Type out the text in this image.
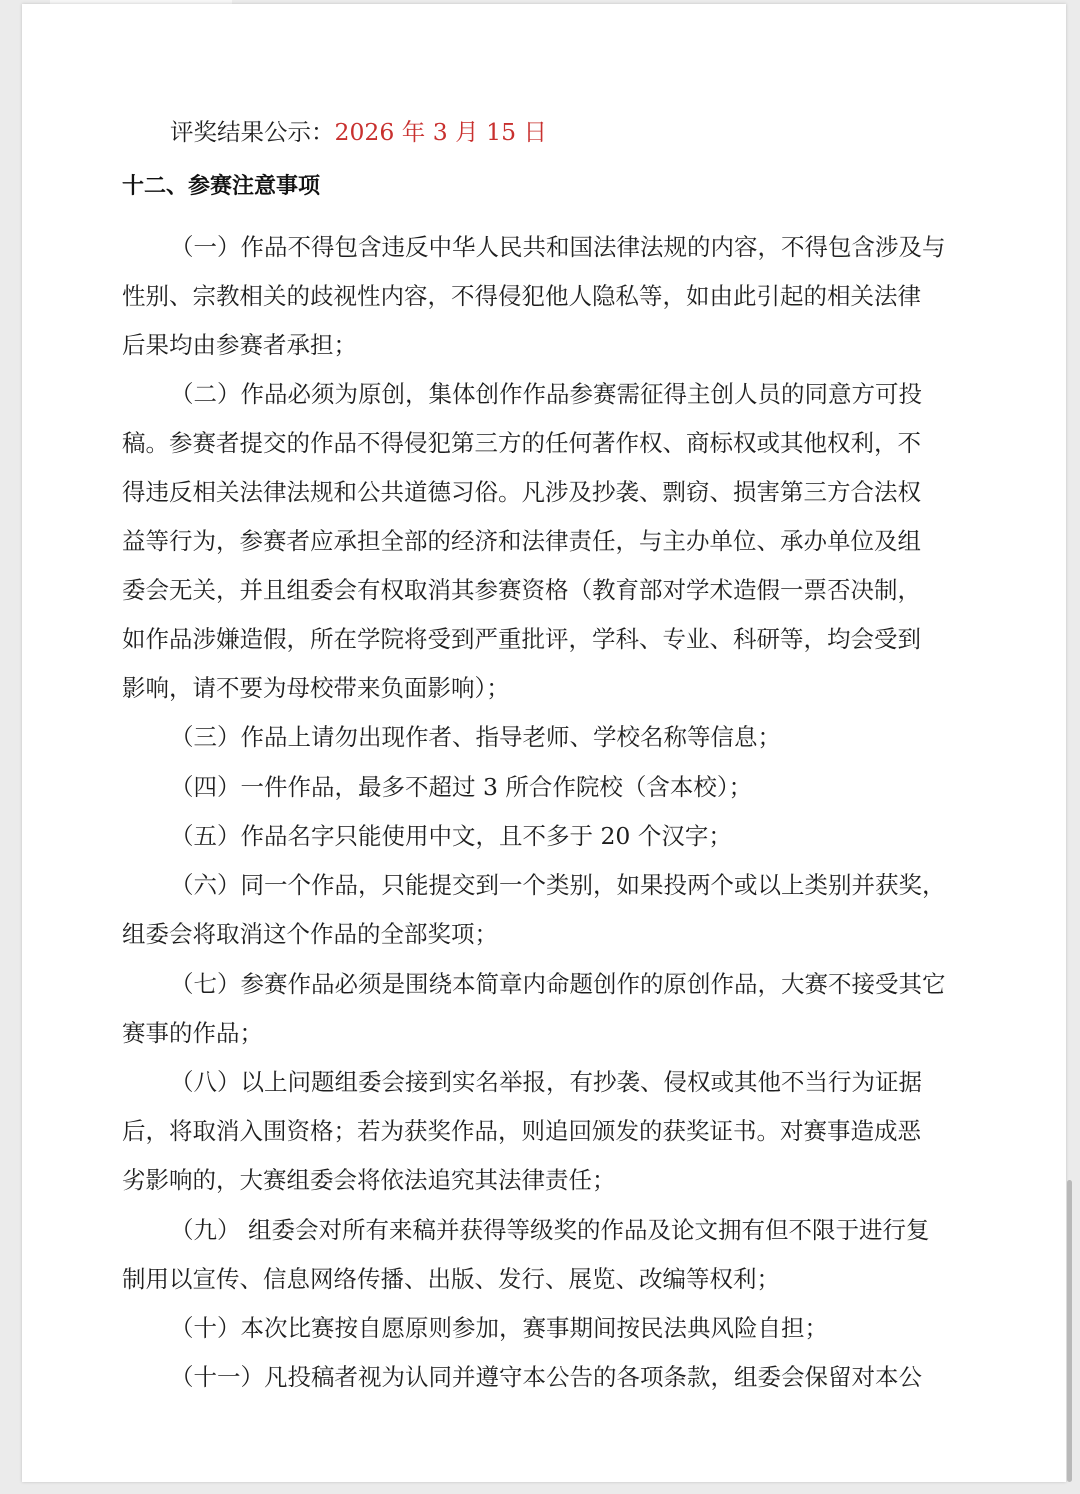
评奖结果公示：2026 年 3 月 15 日

十二、参赛注意事项

（一）作品不得包含违反中华人民共和国法律法规的内容，不得包含涉及与

性别、宗教相关的歧视性内容，不得侵犯他人隐私等，如由此引起的相关法律

后果均由参赛者承担；

（二）作品必须为原创，集体创作作品参赛需征得主创人员的同意方可投

稿。参赛者提交的作品不得侵犯第三方的任何著作权、商标权或其他权利，不

得违反相关法律法规和公共道德习俗。凡涉及抄袭、剽窃、损害第三方合法权

益等行为，参赛者应承担全部的经济和法律责任，与主办单位、承办单位及组

委会无关，并且组委会有权取消其参赛资格（教育部对学术造假一票否决制，

如作品涉嫌造假，所在学院将受到严重批评，学科、专业、科研等，均会受到

影响，请不要为母校带来负面影响）；

（三）作品上请勿出现作者、指导老师、学校名称等信息；

（四）一件作品，最多不超过 3 所合作院校（含本校）；

（五）作品名字只能使用中文，且不多于 20 个汉字；

（六）同一个作品，只能提交到一个类别，如果投两个或以上类别并获奖，

组委会将取消这个作品的全部奖项；

（七）参赛作品必须是围绕本简章内命题创作的原创作品，大赛不接受其它

赛事的作品；

（八）以上问题组委会接到实名举报，有抄袭、侵权或其他不当行为证据

后，将取消入围资格；若为获奖作品，则追回颁发的获奖证书。对赛事造成恶

劣影响的，大赛组委会将依法追究其法律责任；

（九） 组委会对所有来稿并获得等级奖的作品及论文拥有但不限于进行复

制用以宣传、信息网络传播、出版、发行、展览、改编等权利；

（十）本次比赛按自愿原则参加，赛事期间按民法典风险自担；

（十一）凡投稿者视为认同并遵守本公告的各项条款，组委会保留对本公
